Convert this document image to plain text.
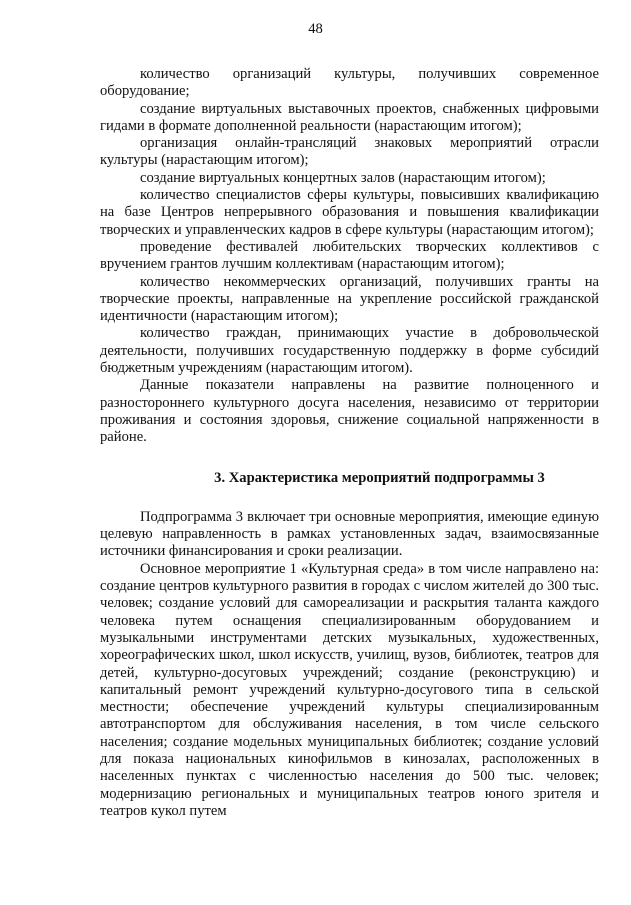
48

количество организаций культуры, получивших современное оборудование;

создание виртуальных выставочных проектов, снабженных цифровыми гидами в формате дополненной реальности (нарастающим итогом);

организация онлайн-трансляций знаковых мероприятий отрасли культуры (нарастающим итогом);

создание виртуальных концертных залов (нарастающим итогом);

количество специалистов сферы культуры, повысивших квалификацию на базе Центров непрерывного образования и повышения квалификации творческих и управленческих кадров в сфере культуры (нарастающим итогом);

проведение фестивалей любительских творческих коллективов с вручением грантов лучшим коллективам (нарастающим итогом);

количество некоммерческих организаций, получивших гранты на творческие проекты, направленные на укрепление российской гражданской идентичности (нарастающим итогом);

количество граждан, принимающих участие в добровольческой деятельности, получивших государственную поддержку в форме субсидий бюджетным учреждениям (нарастающим итогом).

Данные показатели направлены на развитие полноценного и разностороннего культурного досуга населения, независимо от территории проживания и состояния здоровья, снижение социальной напряженности в районе.

3. Характеристика мероприятий подпрограммы 3

Подпрограмма 3 включает три основные мероприятия, имеющие единую целевую направленность в рамках установленных задач, взаимосвязанные источники финансирования и сроки реализации.

Основное мероприятие 1 «Культурная среда» в том числе направлено на: создание центров культурного развития в городах с числом жителей до 300 тыс. человек; создание условий для самореализации и раскрытия таланта каждого человека путем оснащения специализированным оборудованием и музыкальными инструментами детских музыкальных, художественных, хореографических школ, школ искусств, училищ, вузов, библиотек, театров для детей, культурно-досуговых учреждений; создание (реконструкцию) и капитальный ремонт учреждений культурно-досугового типа в сельской местности; обеспечение учреждений культуры специализированным автотранспортом для обслуживания населения, в том числе сельского населения; создание модельных муниципальных библиотек; создание условий для показа национальных кинофильмов в кинозалах, расположенных в населенных пунктах с численностью населения до 500 тыс. человек; модернизацию региональных и муниципальных театров юного зрителя и театров кукол путем
